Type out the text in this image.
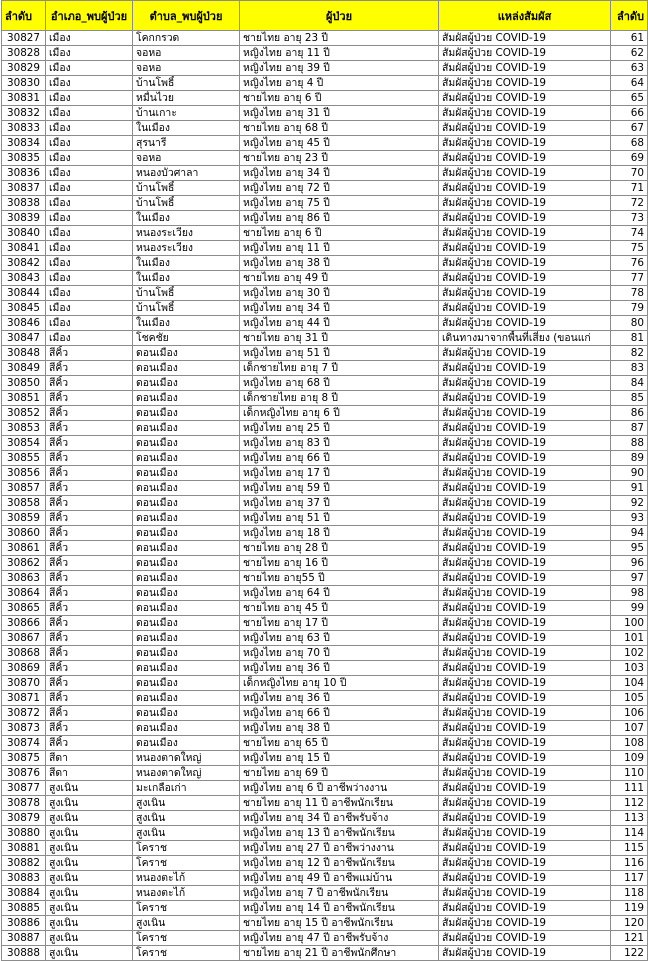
ลำดับ	อำเภอ_พบผู้ป่วย	ตำบล_พบผู้ป่วย	ผู้ป่วย	แหล่งสัมผัส	ลำดับ
30827	เมือง	โคกกรวด	ชายไทย อายุ 23 ปี	สัมผัสผู้ป่วย COVID-19	61
30828	เมือง	จอหอ	หญิงไทย อายุ 11 ปี	สัมผัสผู้ป่วย COVID-19	62
30829	เมือง	จอหอ	หญิงไทย อายุ 39 ปี	สัมผัสผู้ป่วย COVID-19	63
30830	เมือง	บ้านโพธิ์	หญิงไทย อายุ 4 ปี	สัมผัสผู้ป่วย COVID-19	64
30831	เมือง	หมื่นไวย	ชายไทย อายุ 6 ปี	สัมผัสผู้ป่วย COVID-19	65
30832	เมือง	บ้านเกาะ	หญิงไทย อายุ 31 ปี	สัมผัสผู้ป่วย COVID-19	66
30833	เมือง	ในเมือง	ชายไทย อายุ 68 ปี	สัมผัสผู้ป่วย COVID-19	67
30834	เมือง	สุรนารี	หญิงไทย อายุ 45 ปี	สัมผัสผู้ป่วย COVID-19	68
30835	เมือง	จอหอ	ชายไทย อายุ 23 ปี	สัมผัสผู้ป่วย COVID-19	69
30836	เมือง	หนองบัวศาลา	หญิงไทย อายุ 34 ปี	สัมผัสผู้ป่วย COVID-19	70
30837	เมือง	บ้านโพธิ์	หญิงไทย อายุ 72 ปี	สัมผัสผู้ป่วย COVID-19	71
30838	เมือง	บ้านโพธิ์	หญิงไทย อายุ 75 ปี	สัมผัสผู้ป่วย COVID-19	72
30839	เมือง	ในเมือง	หญิงไทย อายุ 86 ปี	สัมผัสผู้ป่วย COVID-19	73
30840	เมือง	หนองระเวียง	ชายไทย อายุ 6 ปี	สัมผัสผู้ป่วย COVID-19	74
30841	เมือง	หนองระเวียง	หญิงไทย อายุ 11 ปี	สัมผัสผู้ป่วย COVID-19	75
30842	เมือง	ในเมือง	หญิงไทย อายุ 38 ปี	สัมผัสผู้ป่วย COVID-19	76
30843	เมือง	ในเมือง	ชายไทย อายุ 49 ปี	สัมผัสผู้ป่วย COVID-19	77
30844	เมือง	บ้านโพธิ์	หญิงไทย อายุ 30 ปี	สัมผัสผู้ป่วย COVID-19	78
30845	เมือง	บ้านโพธิ์	หญิงไทย อายุ 34 ปี	สัมผัสผู้ป่วย COVID-19	79
30846	เมือง	ในเมือง	หญิงไทย อายุ 44 ปี	สัมผัสผู้ป่วย COVID-19	80
30847	เมือง	โชคชัย	ชายไทย อายุ 31 ปี	เดินทางมาจากพื้นที่เสี่ยง (ขอนแก่	81
30848	สีคิ้ว	ดอนเมือง	หญิงไทย อายุ 51 ปี	สัมผัสผู้ป่วย COVID-19	82
30849	สีคิ้ว	ดอนเมือง	เด็กชายไทย อายุ 7 ปี	สัมผัสผู้ป่วย COVID-19	83
30850	สีคิ้ว	ดอนเมือง	หญิงไทย อายุ 68 ปี	สัมผัสผู้ป่วย COVID-19	84
30851	สีคิ้ว	ดอนเมือง	เด็กชายไทย อายุ 8 ปี	สัมผัสผู้ป่วย COVID-19	85
30852	สีคิ้ว	ดอนเมือง	เด็กหญิงไทย อายุ 6 ปี	สัมผัสผู้ป่วย COVID-19	86
30853	สีคิ้ว	ดอนเมือง	หญิงไทย อายุ 25 ปี	สัมผัสผู้ป่วย COVID-19	87
30854	สีคิ้ว	ดอนเมือง	หญิงไทย อายุ 83 ปี	สัมผัสผู้ป่วย COVID-19	88
30855	สีคิ้ว	ดอนเมือง	หญิงไทย อายุ 66 ปี	สัมผัสผู้ป่วย COVID-19	89
30856	สีคิ้ว	ดอนเมือง	หญิงไทย อายุ 17 ปี	สัมผัสผู้ป่วย COVID-19	90
30857	สีคิ้ว	ดอนเมือง	หญิงไทย อายุ 59 ปี	สัมผัสผู้ป่วย COVID-19	91
30858	สีคิ้ว	ดอนเมือง	หญิงไทย อายุ 37 ปี	สัมผัสผู้ป่วย COVID-19	92
30859	สีคิ้ว	ดอนเมือง	หญิงไทย อายุ 51 ปี	สัมผัสผู้ป่วย COVID-19	93
30860	สีคิ้ว	ดอนเมือง	หญิงไทย อายุ 18 ปี	สัมผัสผู้ป่วย COVID-19	94
30861	สีคิ้ว	ดอนเมือง	ชายไทย อายุ 28 ปี	สัมผัสผู้ป่วย COVID-19	95
30862	สีคิ้ว	ดอนเมือง	ชายไทย อายุ 16 ปี	สัมผัสผู้ป่วย COVID-19	96
30863	สีคิ้ว	ดอนเมือง	ชายไทย อายุ55 ปี	สัมผัสผู้ป่วย COVID-19	97
30864	สีคิ้ว	ดอนเมือง	หญิงไทย อายุ 64 ปี	สัมผัสผู้ป่วย COVID-19	98
30865	สีคิ้ว	ดอนเมือง	ชายไทย อายุ 45 ปี	สัมผัสผู้ป่วย COVID-19	99
30866	สีคิ้ว	ดอนเมือง	ชายไทย อายุ 17 ปี	สัมผัสผู้ป่วย COVID-19	100
30867	สีคิ้ว	ดอนเมือง	หญิงไทย อายุ 63 ปี	สัมผัสผู้ป่วย COVID-19	101
30868	สีคิ้ว	ดอนเมือง	หญิงไทย อายุ 70 ปี	สัมผัสผู้ป่วย COVID-19	102
30869	สีคิ้ว	ดอนเมือง	หญิงไทย อายุ 36 ปี	สัมผัสผู้ป่วย COVID-19	103
30870	สีคิ้ว	ดอนเมือง	เด็กหญิงไทย อายุ 10 ปี	สัมผัสผู้ป่วย COVID-19	104
30871	สีคิ้ว	ดอนเมือง	หญิงไทย อายุ 36 ปี	สัมผัสผู้ป่วย COVID-19	105
30872	สีคิ้ว	ดอนเมือง	หญิงไทย อายุ 66 ปี	สัมผัสผู้ป่วย COVID-19	106
30873	สีคิ้ว	ดอนเมือง	หญิงไทย อายุ 38 ปี	สัมผัสผู้ป่วย COVID-19	107
30874	สีคิ้ว	ดอนเมือง	ชายไทย อายุ 65 ปี	สัมผัสผู้ป่วย COVID-19	108
30875	สีดา	หนองตาดใหญ่	หญิงไทย อายุ 15 ปี	สัมผัสผู้ป่วย COVID-19	109
30876	สีดา	หนองตาดใหญ่	ชายไทย อายุ 69 ปี	สัมผัสผู้ป่วย COVID-19	110
30877	สูงเนิน	มะเกลือเก่า	หญิงไทย อายุ 6 ปี อาชีพว่างงาน	สัมผัสผู้ป่วย COVID-19	111
30878	สูงเนิน	สูงเนิน	ชายไทย อายุ 11 ปี อาชีพนักเรียน	สัมผัสผู้ป่วย COVID-19	112
30879	สูงเนิน	สูงเนิน	หญิงไทย อายุ 34 ปี อาชีพรับจ้าง	สัมผัสผู้ป่วย COVID-19	113
30880	สูงเนิน	สูงเนิน	หญิงไทย อายุ 13 ปี อาชีพนักเรียน	สัมผัสผู้ป่วย COVID-19	114
30881	สูงเนิน	โคราช	หญิงไทย อายุ 27 ปี อาชีพว่างงาน	สัมผัสผู้ป่วย COVID-19	115
30882	สูงเนิน	โคราช	หญิงไทย อายุ 12 ปี อาชีพนักเรียน	สัมผัสผู้ป่วย COVID-19	116
30883	สูงเนิน	หนองตะไก้	หญิงไทย อายุ 49 ปี อาชีพแม่บ้าน	สัมผัสผู้ป่วย COVID-19	117
30884	สูงเนิน	หนองตะไก้	หญิงไทย อายุ 7 ปี อาชีพนักเรียน	สัมผัสผู้ป่วย COVID-19	118
30885	สูงเนิน	โคราช	หญิงไทย อายุ 14 ปี อาชีพนักเรียน	สัมผัสผู้ป่วย COVID-19	119
30886	สูงเนิน	สูงเนิน	ชายไทย อายุ 15 ปี อาชีพนักเรียน	สัมผัสผู้ป่วย COVID-19	120
30887	สูงเนิน	โคราช	หญิงไทย อายุ 47 ปี อาชีพรับจ้าง	สัมผัสผู้ป่วย COVID-19	121
30888	สูงเนิน	โคราช	ชายไทย อายุ 21 ปี อาชีพนักศึกษา	สัมผัสผู้ป่วย COVID-19	122
